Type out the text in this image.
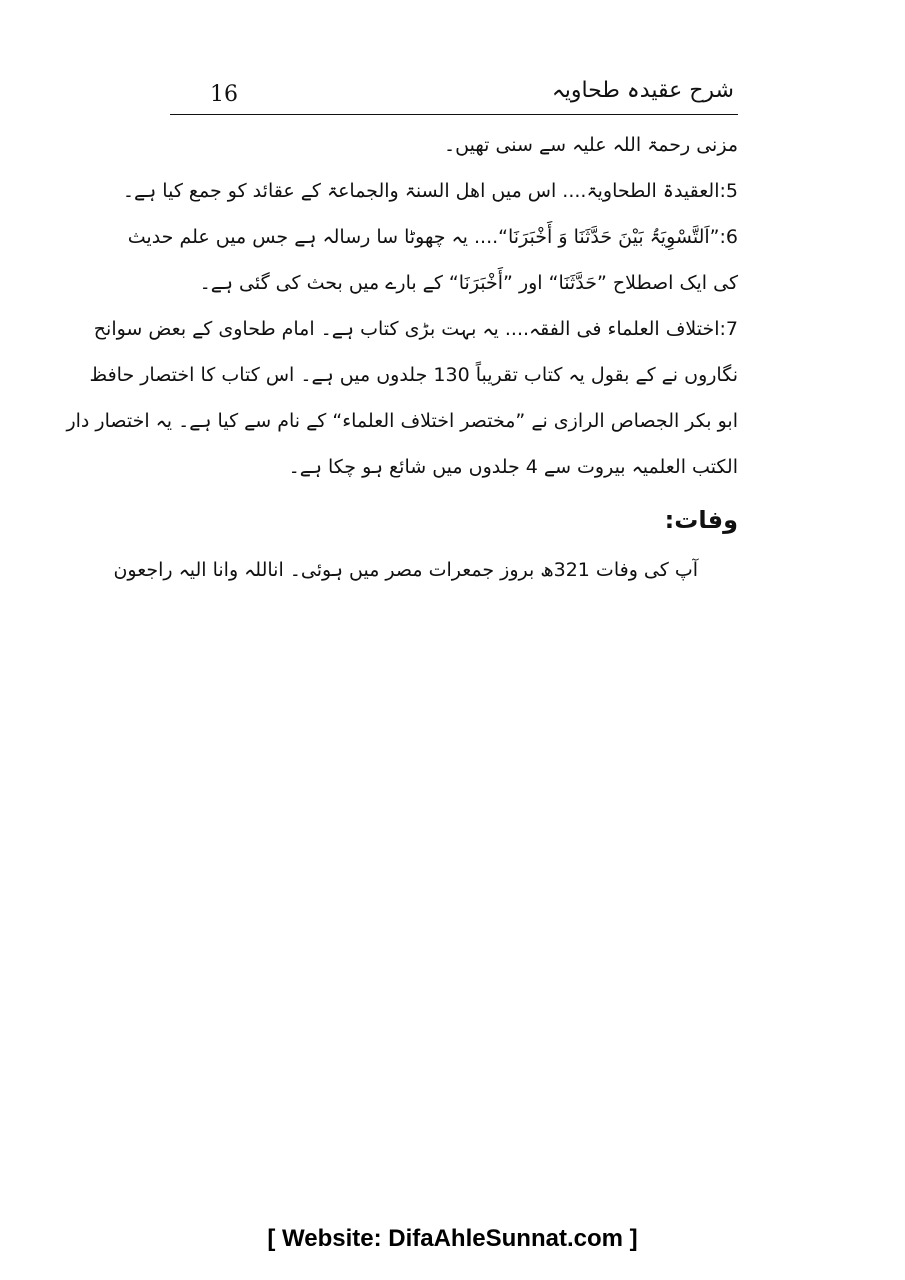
16	شرح عقیدہ طحاویہ
مزنی رحمۃ اللہ علیہ سے سنی تھیں۔
5:العقیدۃ الطحاویۃ.... اس میں اھل السنۃ والجماعۃ کے عقائد کو جمع کیا ہے۔
6:”اَلتَّسْوِیَۃُ بَیْنَ حَدَّثَنَا وَ أَخْبَرَنَا“.... یہ چھوٹا سا رسالہ ہے جس میں علم حدیث
کی ایک اصطلاح ”حَدَّثَنَا“ اور ”أَخْبَرَنَا“ کے بارے میں بحث کی گئی ہے۔
7:اختلاف العلماء فی الفقہ.... یہ بہت بڑی کتاب ہے۔ امام طحاوی کے بعض سوانح
نگاروں نے کے بقول یہ کتاب تقریباً 130 جلدوں میں ہے۔ اس کتاب کا اختصار حافظ
ابو بکر الجصاص الرازی نے ”مختصر اختلاف العلماء“ کے نام سے کیا ہے۔ یہ اختصار دار
الکتب العلمیہ بیروت سے 4 جلدوں میں شائع ہو چکا ہے۔
وفات:
آپ کی وفات 321ھ بروز جمعرات مصر میں ہوئی۔ اناللہ وانا الیہ راجعون
[ Website: DifaAhleSunnat.com ]
